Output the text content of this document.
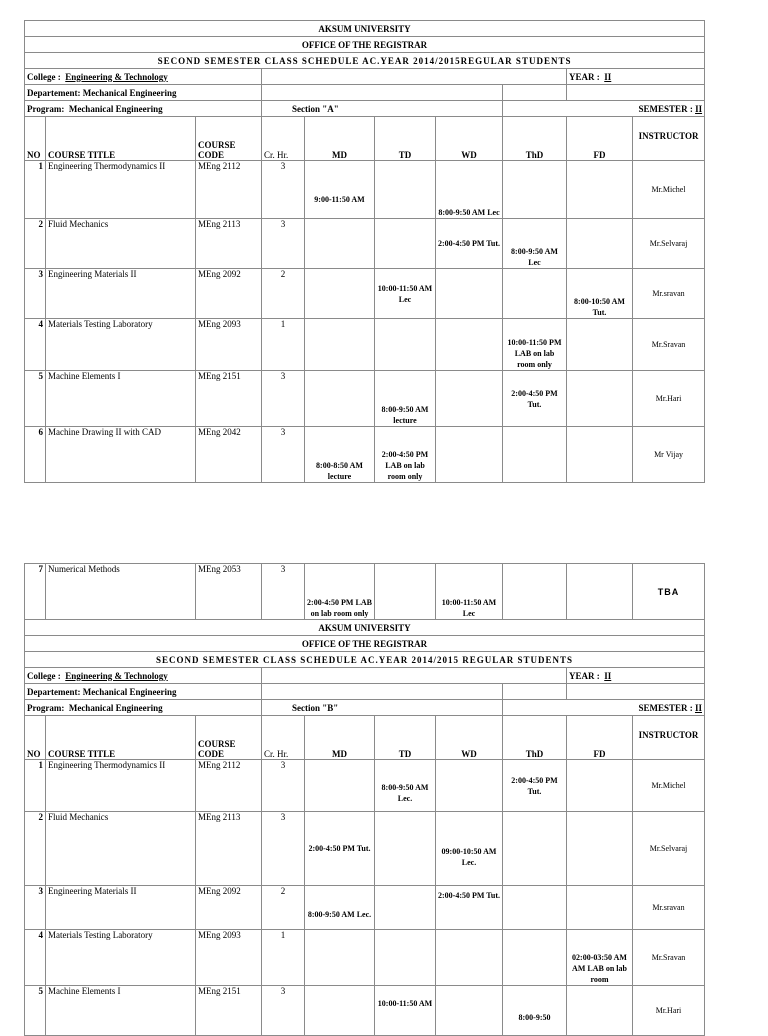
AKSUM UNIVERSITY									
OFFICE OF THE REGISTRAR									
SECOND SEMESTER CLASS SCHEDULE AC.YEAR 2014/2015REGULAR STUDENTS									
College : Engineering & Technology								YEAR : II	
Departement: Mechanical Engineering									
Program: Mechanical Engineering			Section "A"				SEMESTER : II		
NO	COURSE TITLE	COURSE CODE	Cr. Hr.	MD	TD	WD	ThD	FD	INSTRUCTOR
1	Engineering Thermodynamics II	MEng 2112	3	9:00-11:50 AM		8:00-9:50 AM Lec			Mr.Michel
2	Fluid Mechanics	MEng 2113	3			2:00-4:50 PM Tut.	8:00-9:50 AM Lec		Mr.Selvaraj
3	Engineering Materials II	MEng 2092	2		10:00-11:50 AM Lec			8:00-10:50 AM Tut.	Mr.sravan
4	Materials Testing Laboratory	MEng 2093	1				10:00-11:50 PM LAB on lab room only		Mr.Sravan
5	Machine Elements I	MEng 2151	3		8:00-9:50 AM lecture		2:00-4:50 PM Tut.		Mr.Hari
6	Machine Drawing II with CAD	MEng 2042	3	8:00-8:50 AM lecture	2:00-4:50 PM LAB on lab room only				Mr Vijay
7	Numerical Methods	MEng 2053	3	2:00-4:50 PM LAB on lab room only		10:00-11:50 AM Lec			TBA
AKSUM UNIVERSITY									
OFFICE OF THE REGISTRAR									
SECOND SEMESTER CLASS SCHEDULE AC.YEAR 2014/2015 REGULAR STUDENTS									
College : Engineering & Technology								YEAR : II	
Departement: Mechanical Engineering									
Program: Mechanical Engineering			Section "B"				SEMESTER : II		
NO	COURSE TITLE	COURSE CODE	Cr. Hr.	MD	TD	WD	ThD	FD	INSTRUCTOR
1	Engineering Thermodynamics II	MEng 2112	3		8:00-9:50 AM Lec.		2:00-4:50 PM Tut.		Mr.Michel
2	Fluid Mechanics	MEng 2113	3	2:00-4:50 PM Tut.		09:00-10:50 AM Lec.			Mr.Selvaraj
3	Engineering Materials II	MEng 2092	2	8:00-9:50 AM Lec.		2:00-4:50 PM Tut.			Mr.sravan
4	Materials Testing Laboratory	MEng 2093	1					02:00-03:50 AM AM LAB on lab room	Mr.Sravan
5	Machine Elements I	MEng 2151	3		10:00-11:50 AM		8:00-9:50		Mr.Hari
